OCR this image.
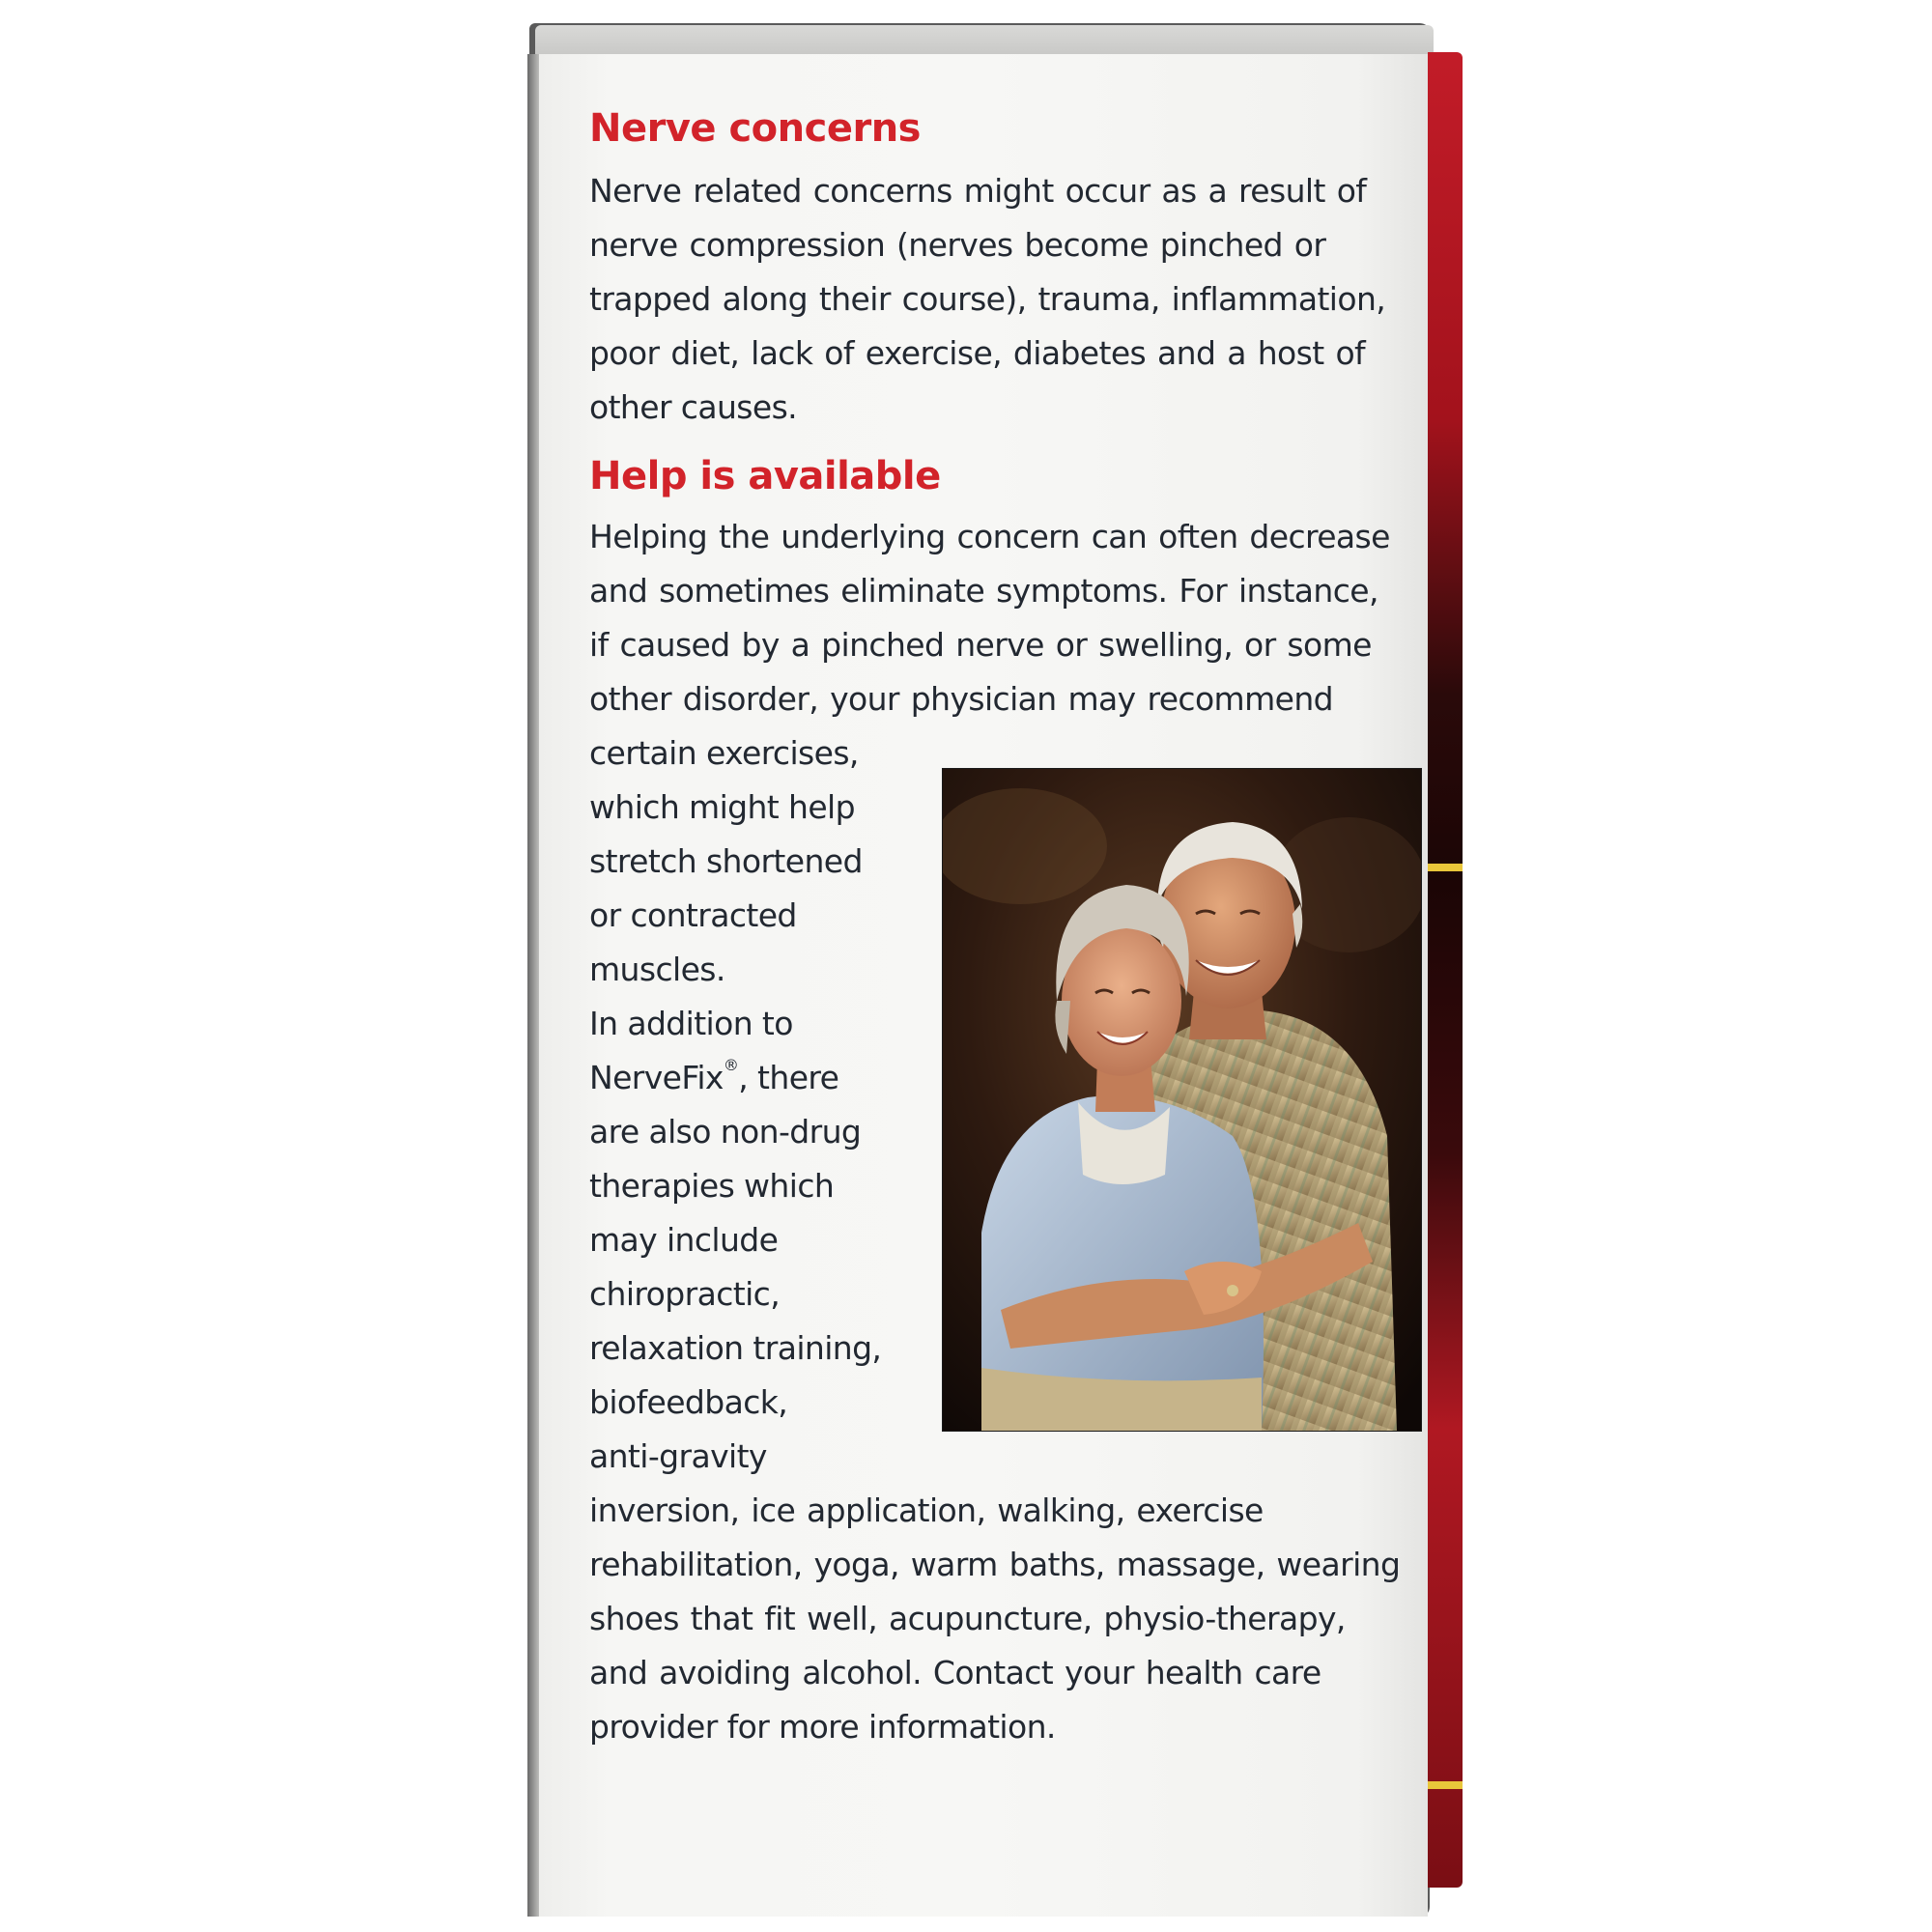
Nerve concerns

Nerve related concerns might occur as a result of

nerve compression (nerves become pinched or

trapped along their course), trauma, inflammation,

poor diet, lack of exercise, diabetes and a host of

other causes.

Help is available

Helping the underlying concern can often decrease

and sometimes eliminate symptoms. For instance,

if caused by a pinched nerve or swelling, or some

other disorder, your physician may recommend

certain exercises,

which might help

stretch shortened

or contracted

muscles.

In addition to

NerveFix®, there

are also non-drug

therapies which

may include

chiropractic,

relaxation training,

biofeedback,

anti-gravity

inversion, ice application, walking, exercise

rehabilitation, yoga, warm baths, massage, wearing

shoes that fit well, acupuncture, physio-therapy,

and avoiding alcohol. Contact your health care

provider for more information.
